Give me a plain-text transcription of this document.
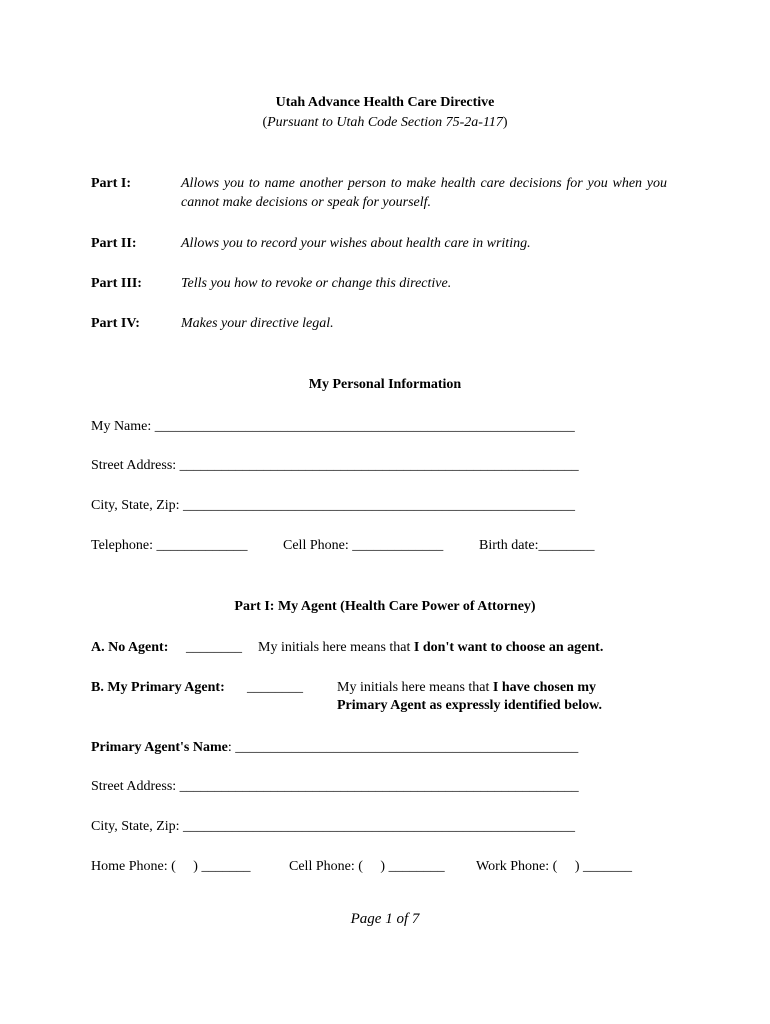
Utah Advance Health Care Directive
(Pursuant to Utah Code Section 75-2a-117)
Part I:	Allows you to name another person to make health care decisions for you when you cannot make decisions or speak for yourself.
Part II:	Allows you to record your wishes about health care in writing.
Part III:	Tells you how to revoke or change this directive.
Part IV:	Makes your directive legal.
My Personal Information
My Name: ____________________________________________________________
Street Address: _________________________________________________________
City, State, Zip: ________________________________________________________
Telephone: _____________	Cell Phone: _____________	Birth date:________
Part I: My Agent (Health Care Power of Attorney)
A. No Agent: ________ My initials here means that I don't want to choose an agent.
B. My Primary Agent: ________ My initials here means that I have chosen my
Primary Agent as expressly identified below.
Primary Agent's Name: _________________________________________________
Street Address: _________________________________________________________
City, State, Zip: ________________________________________________________
Home Phone: ( ) _______	Cell Phone: ( ) ________ Work Phone: ( ) _______
Page 1 of 7
